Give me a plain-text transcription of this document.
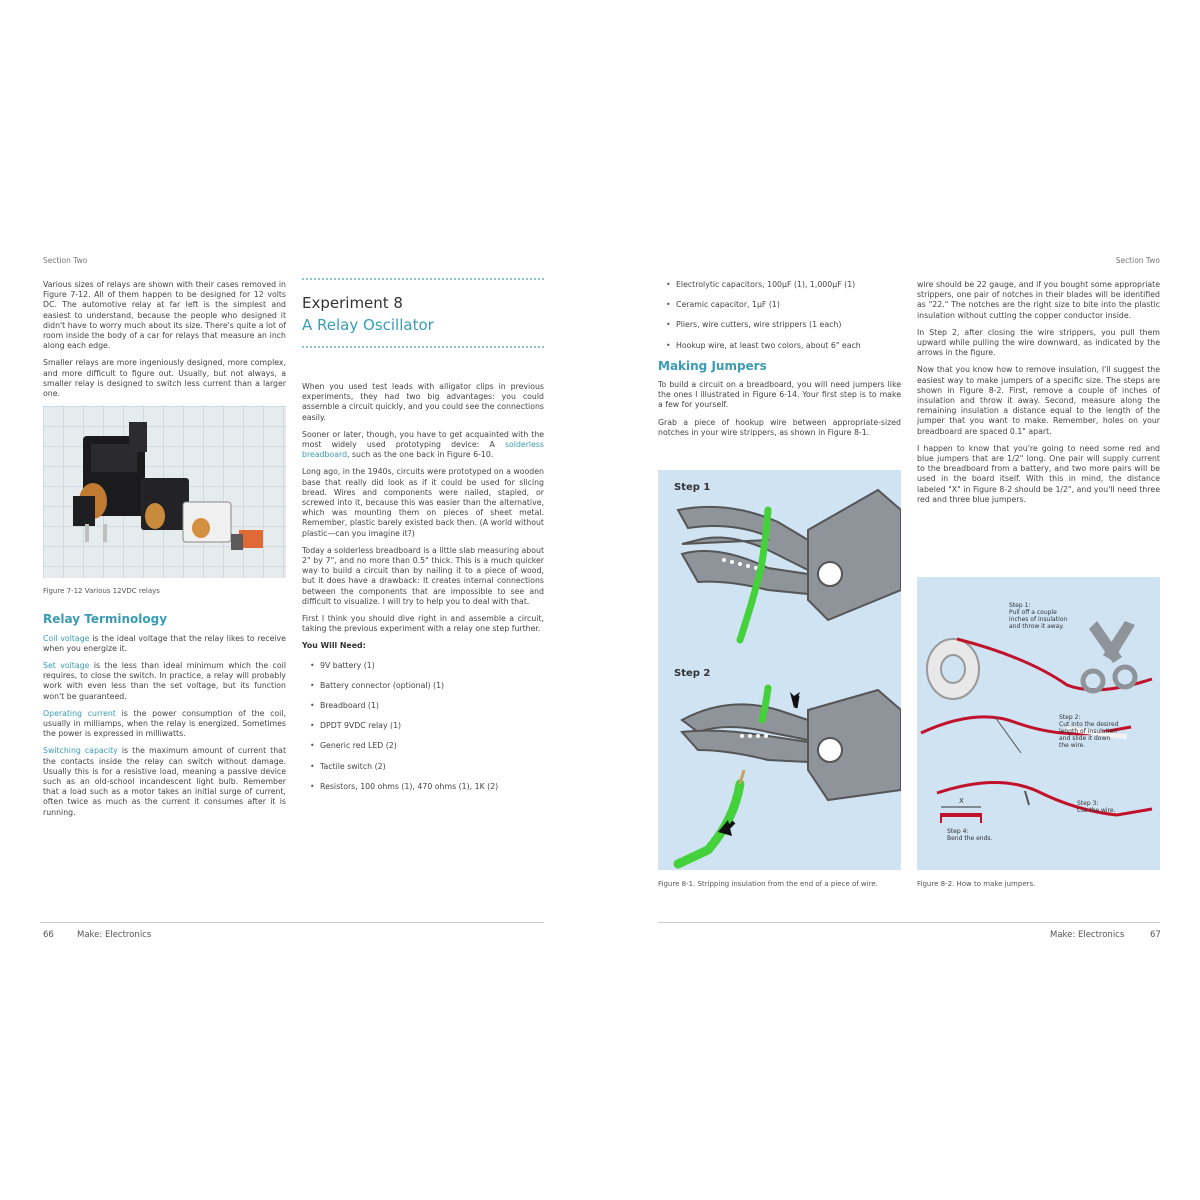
Section Two

Various sizes of relays are shown with their cases removed in Figure 7-12. All of them happen to be designed for 12 volts DC. The automotive relay at far left is the simplest and easiest to understand, because the people who designed it didn't have to worry much about its size. There's quite a lot of room inside the body of a car for relays that measure an inch along each edge.

Smaller relays are more ingeniously designed, more complex, and more difficult to figure out. Usually, but not always, a smaller relay is designed to switch less current than a larger one.

Figure 7-12 Various 12VDC relays
Relay Terminology

Coil voltage is the ideal voltage that the relay likes to receive when you energize it.

Set voltage is the less than ideal minimum which the coil requires, to close the switch. In practice, a relay will probably work with even less than the set voltage, but its function won't be guaranteed.

Operating current is the power consumption of the coil, usually in milliamps, when the relay is energized. Sometimes the power is expressed in milliwatts.

Switching capacity is the maximum amount of current that the contacts inside the relay can switch without damage. Usually this is for a resistive load, meaning a passive device such as an old-school incandescent light bulb. Remember that a load such as a motor takes an initial surge of current, often twice as much as the current it consumes after it is running.

Experiment 8
A Relay Oscillator

When you used test leads with alligator clips in previous experiments, they had two big advantages: you could assemble a circuit quickly, and you could see the connections easily.

Sooner or later, though, you have to get acquainted with the most widely used prototyping device: A solderless breadboard, such as the one back in Figure 6-10.

Long ago, in the 1940s, circuits were prototyped on a wooden base that really did look as if it could be used for slicing bread. Wires and components were nailed, stapled, or screwed into it, because this was easier than the alternative, which was mounting them on pieces of sheet metal. Remember, plastic barely existed back then. (A world without plastic—can you imagine it?)

Today a solderless breadboard is a little slab measuring about 2" by 7", and no more than 0.5" thick. This is a much quicker way to build a circuit than by nailing it to a piece of wood, but it does have a drawback: It creates internal connections between the components that are impossible to see and difficult to visualize. I will try to help you to deal with that.

First I think you should dive right in and assemble a circuit, taking the previous experiment with a relay one step further.

You Will Need:

• 9V battery (1)
• Battery connector (optional) (1)
• Breadboard (1)
• DPDT 9VDC relay (1)
• Generic red LED (2)
• Tactile switch (2)
• Resistors, 100 ohms (1), 470 ohms (1), 1K (2)
66	Make: Electronics
Section Two
• Electrolytic capacitors, 100µF (1), 1,000µF (1)
• Ceramic capacitor, 1µF (1)
• Pliers, wire cutters, wire strippers (1 each)
• Hookup wire, at least two colors, about 6" each
Making Jumpers

To build a circuit on a breadboard, you will need jumpers like the ones I illustrated in Figure 6-14. Your first step is to make a few for yourself.

Grab a piece of hookup wire between appropriate-sized notches in your wire strippers, as shown in Figure 8-1.

Step 1
Step 2
Figure 8-1. Stripping insulation from the end of a piece of wire.

wire should be 22 gauge, and if you bought some appropriate strippers, one pair of notches in their blades will be identified as "22." The notches are the right size to bite into the plastic insulation without cutting the copper conductor inside.

In Step 2, after closing the wire strippers, you pull them upward while pulling the wire downward, as indicated by the arrows in the figure.

Now that you know how to remove insulation, I'll suggest the easiest way to make jumpers of a specific size. The steps are shown in Figure 8-2. First, remove a couple of inches of insulation and throw it away. Second, measure along the remaining insulation a distance equal to the length of the jumper that you want to make. Remember, holes on your breadboard are spaced 0.1" apart.

I happen to know that you're going to need some red and blue jumpers that are 1/2" long. One pair will supply current to the breadboard from a battery, and two more pairs will be used in the board itself. With this in mind, the distance labeled "X" in Figure 8-2 should be 1/2", and you'll need three red and three blue jumpers.

X
Step 1:
Pull off a couple
inches of insulation
and throw it away.
Step 2:
Cut into the desired
length of insulation
and slide it down
the wire.
Step 3:
Cut the wire.
Step 4:
Bend the ends.
Figure 8-2. How to make jumpers.
Make: Electronics	67
